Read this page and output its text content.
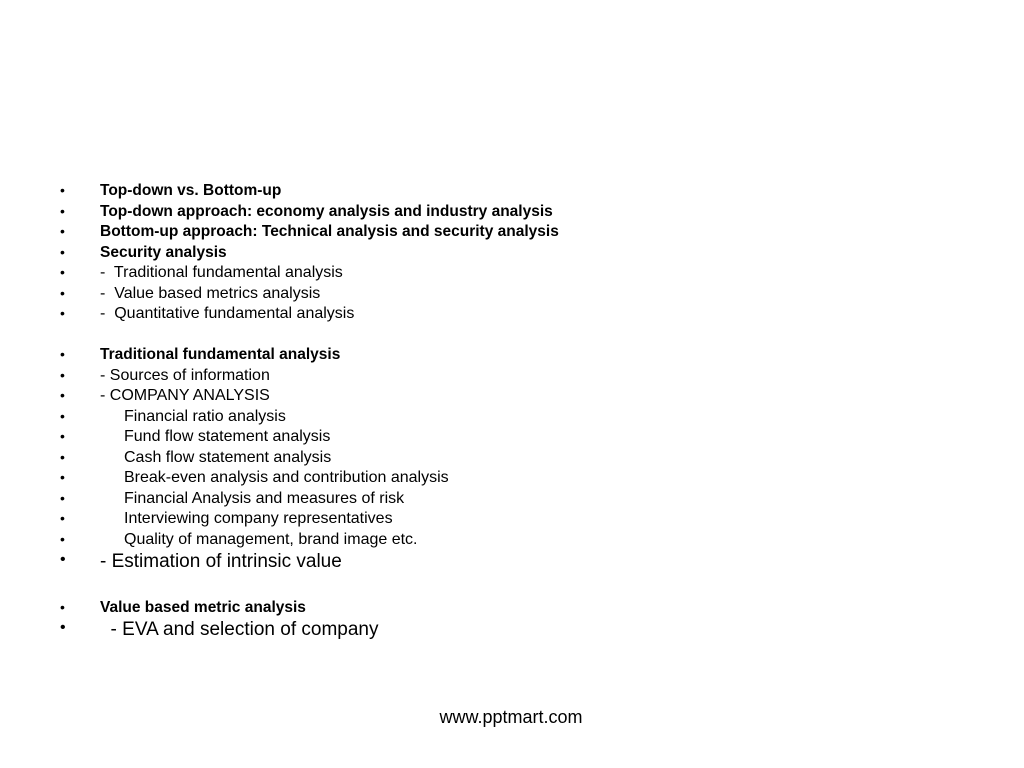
• Top-down vs. Bottom-up
• Top-down approach: economy analysis and industry analysis
• Bottom-up approach: Technical analysis and security analysis
• Security analysis
• -  Traditional fundamental analysis
• -  Value based metrics analysis
• -  Quantitative fundamental analysis
• Traditional fundamental analysis
• - Sources of information
• - COMPANY ANALYSIS
•	Financial ratio analysis
•	Fund flow statement analysis
•	Cash flow statement analysis
•	Break-even analysis and contribution analysis
•	Financial Analysis and measures of risk
•	Interviewing company representatives
•	Quality of management, brand image etc.
• - Estimation of intrinsic value
• Value based metric analysis
• - EVA and selection of company
www.pptmart.com
